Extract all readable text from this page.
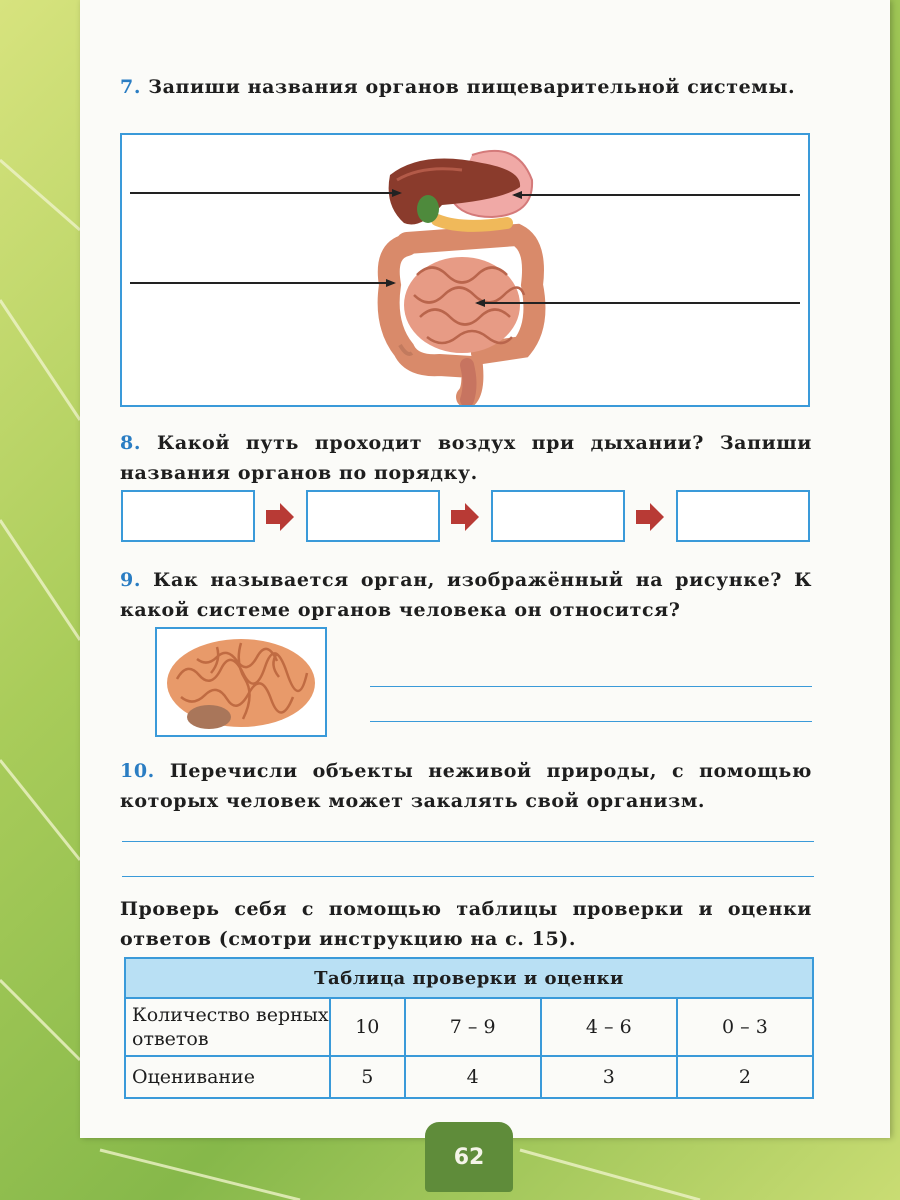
7. Запиши названия органов пищеварительной системы.
8. Какой путь проходит воздух при дыхании? Запиши названия органов по порядку.
9. Как называется орган, изображённый на рисунке? К какой системе органов человека он относится?
10. Перечисли объекты неживой природы, с помощью которых человек может закалять свой организм.
Проверь себя с помощью таблицы проверки и оценки ответов (смотри инструкцию на с. 15).
Таблица проверки и оценки				
Количество верных ответов	10	7 – 9	4 – 6	0 – 3
Оценивание	5	4	3	2
62
